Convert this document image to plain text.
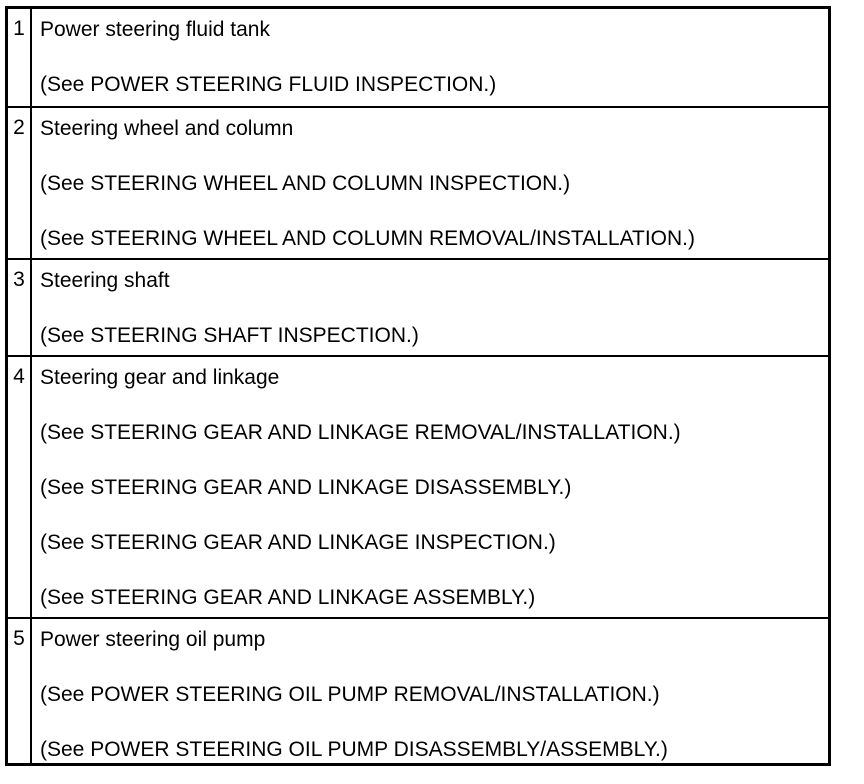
1 Power steering fluid tank
(See POWER STEERING FLUID INSPECTION.)
2 Steering wheel and column
(See STEERING WHEEL AND COLUMN INSPECTION.)
(See STEERING WHEEL AND COLUMN REMOVAL/INSTALLATION.)
3 Steering shaft
(See STEERING SHAFT INSPECTION.)
4 Steering gear and linkage
(See STEERING GEAR AND LINKAGE REMOVAL/INSTALLATION.)
(See STEERING GEAR AND LINKAGE DISASSEMBLY.)
(See STEERING GEAR AND LINKAGE INSPECTION.)
(See STEERING GEAR AND LINKAGE ASSEMBLY.)
5 Power steering oil pump
(See POWER STEERING OIL PUMP REMOVAL/INSTALLATION.)
(See POWER STEERING OIL PUMP DISASSEMBLY/ASSEMBLY.)
